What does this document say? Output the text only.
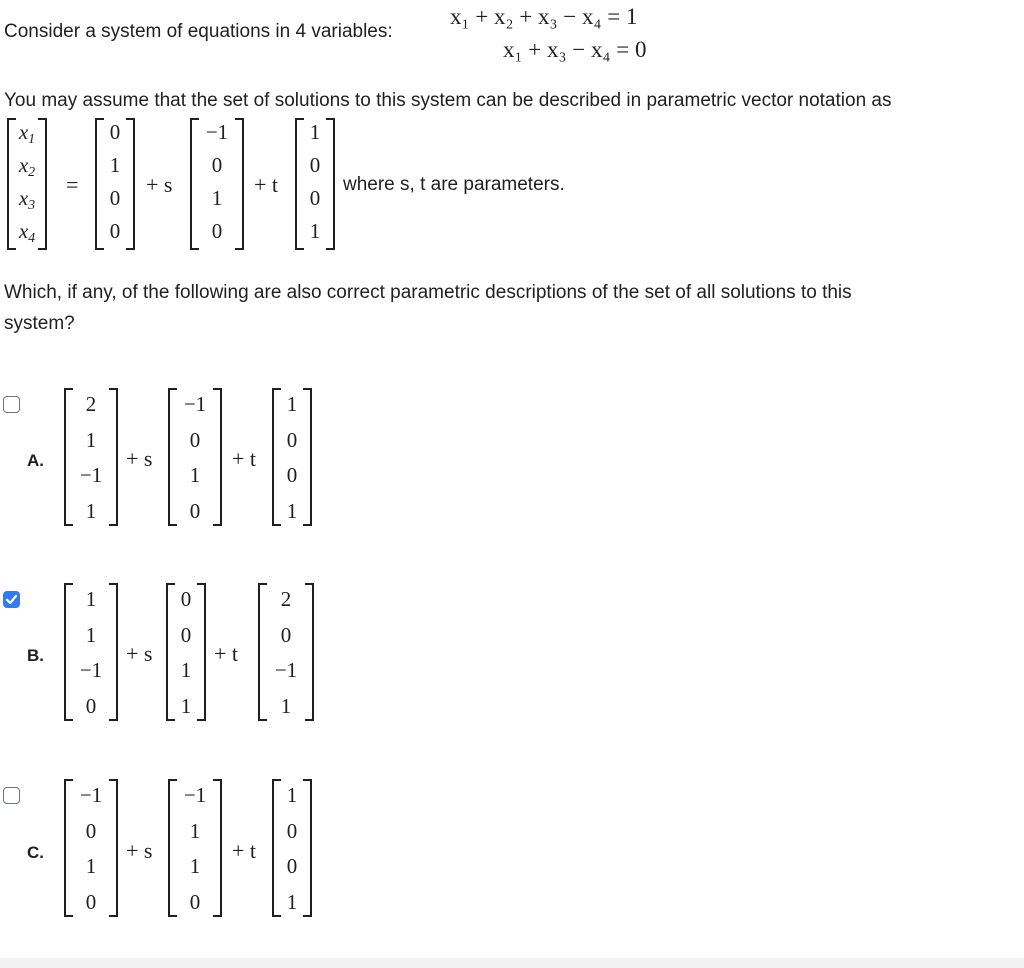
Consider a system of equations in 4 variables:
x₁ + x₂ + x₃ − x₄ = 1
x₁ + x₃ − x₄ = 0
You may assume that the set of solutions to this system can be described in parametric vector notation as
$x_1$
$x_2$
$x_3$
$x_4$
=
0
1
0
0
+ s
−1
0
1
0
+ t
1
0
0
1
where s, t are parameters.
Which, if any, of the following are also correct parametric descriptions of the set of all solutions to this
system?
A.
2
1
−1
1
+ s
−1
0
1
0
+ t
1
0
0
1
B.
1
1
−1
0
+ s
0
0
1
1
+ t
2
0
−1
1
C.
−1
0
1
0
+ s
−1
1
1
0
+ t
1
0
0
1
